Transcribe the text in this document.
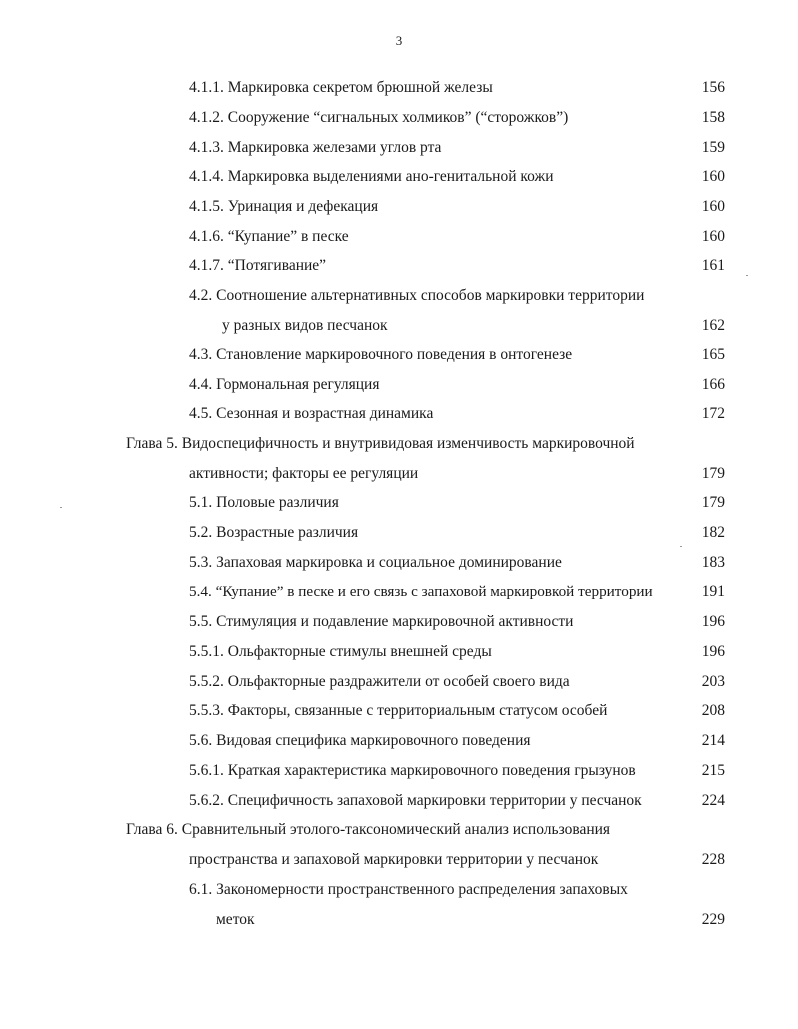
3
4.1.1. Маркировка секретом брюшной железы	156
4.1.2. Сооружение “сигнальных холмиков” (“сторожков”)	158
4.1.3. Маркировка железами углов рта	159
4.1.4. Маркировка выделениями ано-генитальной кожи	160
4.1.5. Уринация и дефекация	160
4.1.6. “Купание” в песке	160
4.1.7. “Потягивание”	161
4.2. Соотношение альтернативных способов маркировки территории
у разных видов песчанок	162
4.3. Становление маркировочного поведения в онтогенезе	165
4.4. Гормональная регуляция	166
4.5. Сезонная и возрастная динамика	172
Глава 5. Видоспецифичность и внутривидовая изменчивость маркировочной
активности; факторы ее регуляции	179
5.1. Половые различия	179
5.2. Возрастные различия	182
5.3. Запаховая маркировка и социальное доминирование	183
5.4. “Купание” в песке и его связь с запаховой маркировкой территории	191
5.5. Стимуляция и подавление маркировочной активности	196
5.5.1. Ольфакторные стимулы внешней среды	196
5.5.2. Ольфакторные раздражители от особей своего вида	203
5.5.3. Факторы, связанные с территориальным статусом особей	208
5.6. Видовая специфика маркировочного поведения	214
5.6.1. Краткая характеристика маркировочного поведения грызунов	215
5.6.2. Специфичность запаховой маркировки территории у песчанок	224
Глава 6. Сравнительный этолого-таксономический анализ использования
пространства и запаховой маркировки территории у песчанок	228
6.1. Закономерности пространственного распределения запаховых
меток	229
